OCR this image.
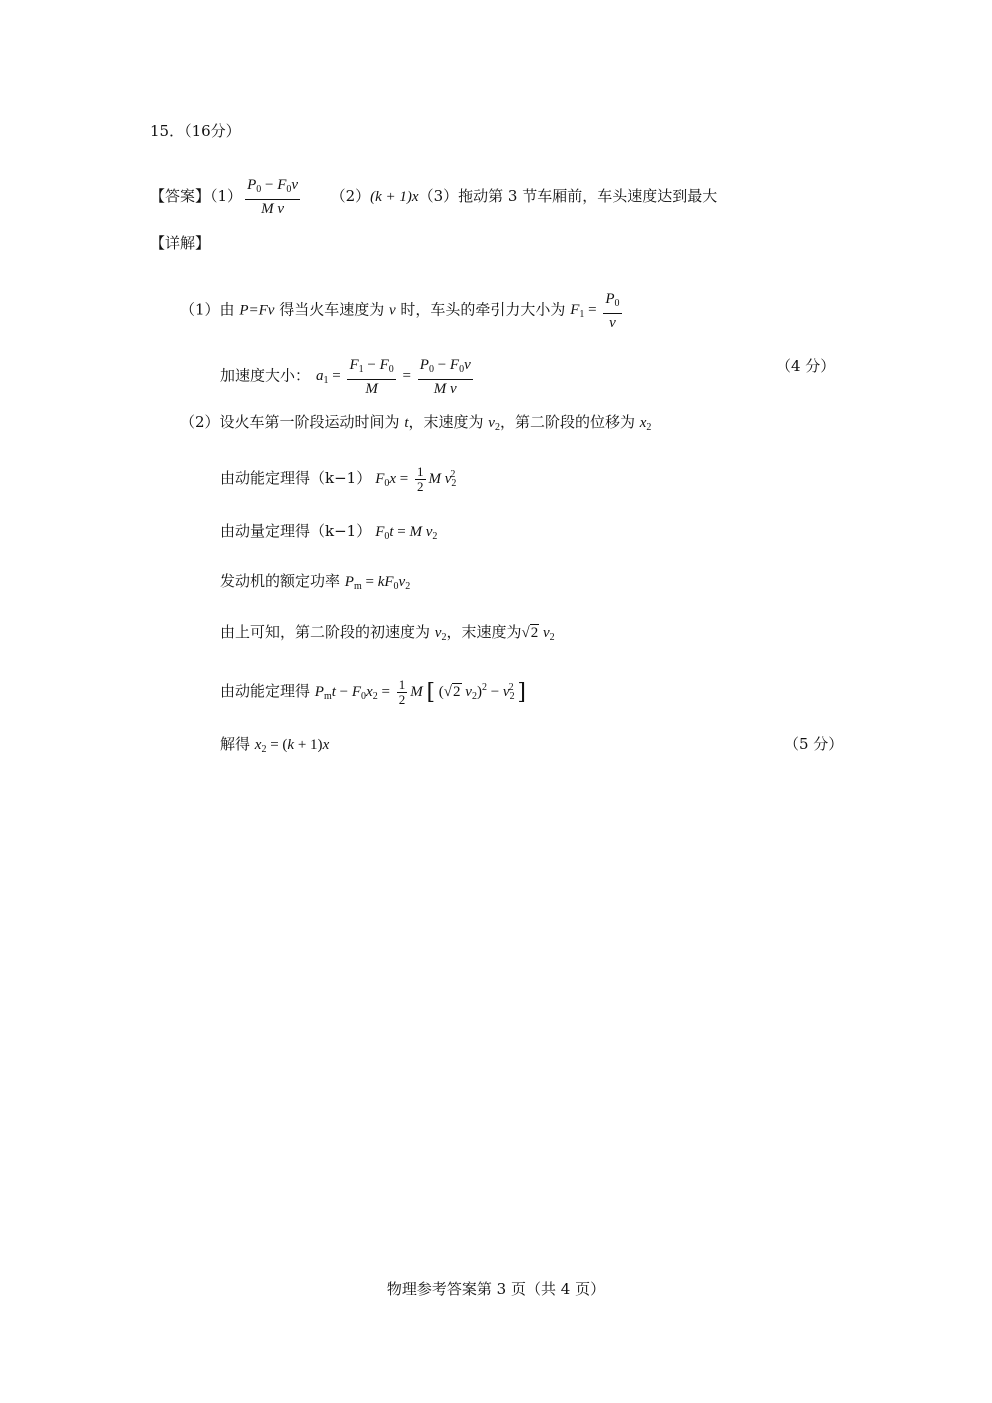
15．（16分）
【答案】$(1) \frac{P_0 - F_0v}{\text{M v}} (2)(k + 1)x(3)$拖动第 3 节车厢前，车头速度达到最大
【详解】
（1）由 P=Fv 得当火车速度为 v 时，车头的牵引力大小为 $F_1 = \frac{P_0}{v}$
加速度大小： $a_1 = \frac{F_1 - F_0}{M} = \frac{P_0 - F_0v}{\text{M v}}$	（4 分）
（2）设火车第一阶段运动时间为 t，末速度为 $v_2$，第二阶段的位移为 $x_2$
由动能定理得（k−1） $F_0x = \frac{1}{2}$ M $v_2^2$
由动量定理得（k−1） $F_0t = M$ $v_2$
发动机的额定功率 $P_m = kF_0v_2$
由上可知，第二阶段的初速度为 $v_2$，末速度为√2 $v_2$
由动能定理得 $P_mt - F_0x_2 = \frac{1}{2}$ M [ (√2 $v_2)^2 - v_2^2$ ]
解得 $x_2 = (k + 1)x$	（5 分）
物理参考答案第 3 页（共 4 页）
